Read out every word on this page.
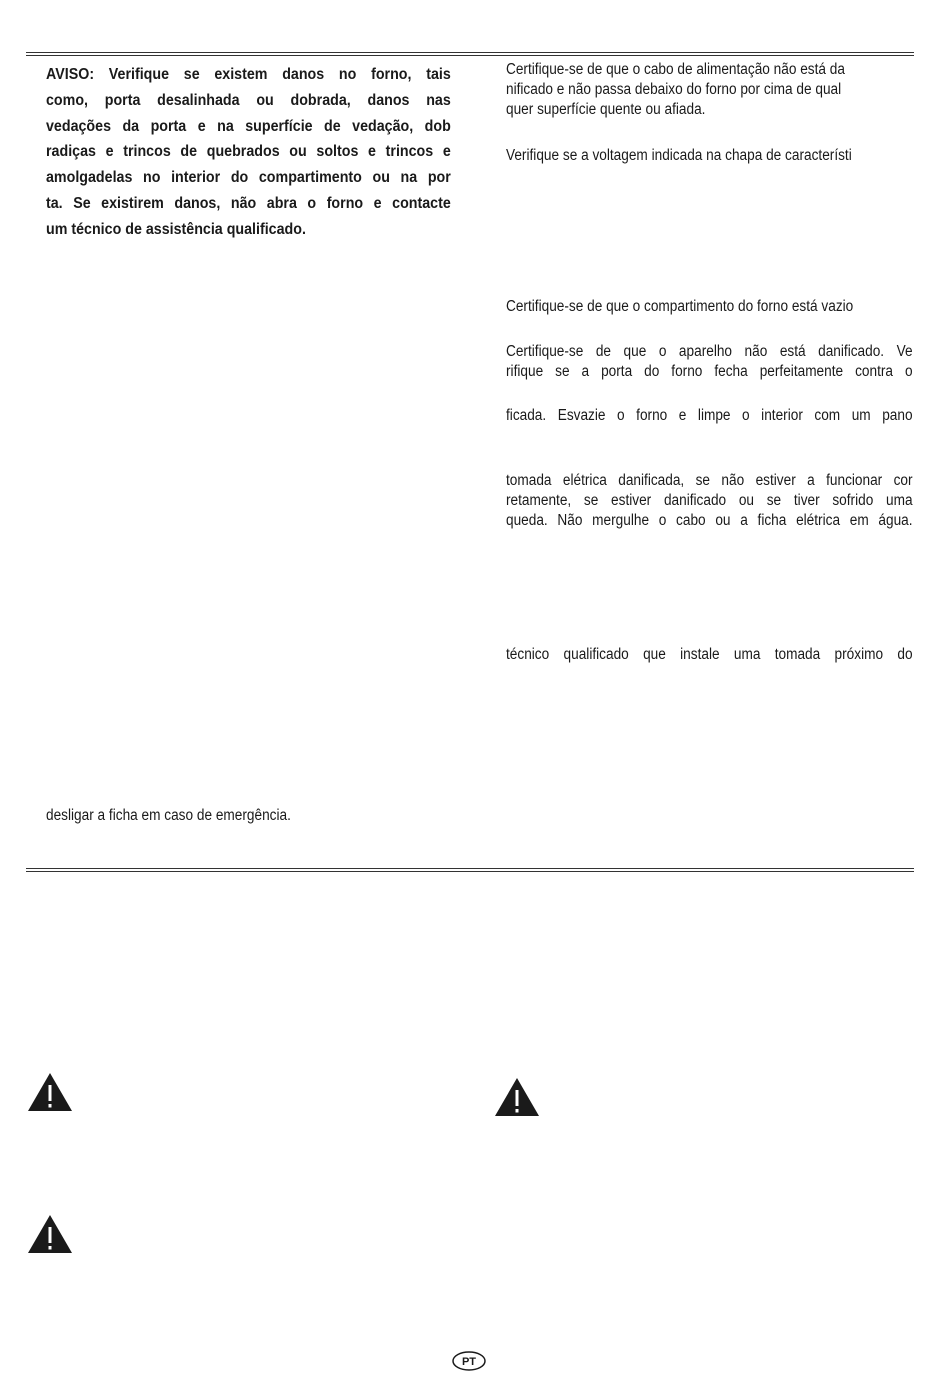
AVISO: Verifique se existem danos no forno, tais
como, porta desalinhada ou dobrada, danos nas
vedações da porta e na superfície de vedação, dob
radiças e trincos de quebrados ou soltos e trincos e
amolgadelas no interior do compartimento ou na por
ta. Se existirem danos, não abra o forno e contacte
um técnico de assistência qualificado.
Certifique-se de que o cabo de alimentação não está da
nificado e não passa debaixo do forno por cima de qual
quer superfície quente ou afiada.
Verifique se a voltagem indicada na chapa de característi
Certifique-se de que o compartimento do forno está vazio
Certifique-se de que o aparelho não está danificado. Ve
rifique se a porta do forno fecha perfeitamente contra o
ficada. Esvazie o forno e limpe o interior com um pano
tomada elétrica danificada, se não estiver a funcionar cor
retamente, se estiver danificado ou se tiver sofrido uma
queda. Não mergulhe o cabo ou a ficha elétrica em água.
técnico qualificado que instale uma tomada próximo do
desligar a ficha em caso de emergência.
PT
